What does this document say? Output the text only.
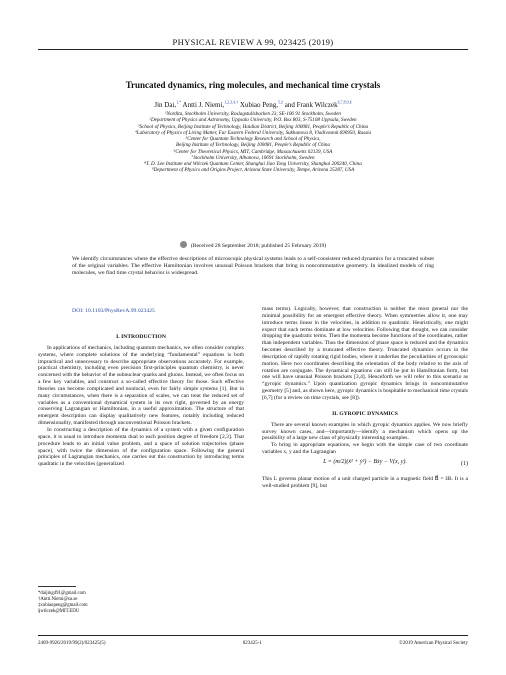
PHYSICAL REVIEW A 99, 023425 (2019)
Truncated dynamics, ring molecules, and mechanical time crystals
Jin Dai,$^{1,*}$ Antti J. Niemi,$^{1,2,3,4,\dagger}$ Xubiao Peng,$^{5,\ddagger}$ and Frank Wilczek$^{6,7,8,9,\S}$
¹Nordita, Stockholm University, Roslagstullsbacken 23, SE-106 91 Stockholm, Sweden
²Department of Physics and Astronomy, Uppsala University, P.O. Box 803, S-75108 Uppsala, Sweden
³School of Physics, Beijing Institute of Technology, Haidian District, Beijing 100081, People’s Republic of China
⁴Laboratory of Physics of Living Matter, Far Eastern Federal University, Sukhanova 8, Vladivostok 690950, Russia
⁵Center for Quantum Technology Research and School of Physics,
Beijing Institute of Technology, Beijing 100081, People’s Republic of China
⁶Center for Theoretical Physics, MIT, Cambridge, Massachusetts 02139, USA
⁷Stockholm University, Albanova, 10691 Stockholm, Sweden
⁸T. D. Lee Institute and Wilczek Quantum Center, Shanghai Jiao Tong University, Shanghai 200240, China
⁹Department of Physics and Origins Project, Arizona State University, Tempe, Arizona 25287, USA
(Received 28 September 2018; published 25 February 2019)
We identify circumstances where the effective descriptions of microscopic physical systems leads to a self-consistent reduced dynamics for a truncated subset of the original variables. The effective Hamiltonian involves unusual Poisson brackets that bring in noncommutative geometry. In idealized models of ring molecules, we find time crystal behavior is widespread.
DOI: 10.1103/PhysRevA.99.023425
I. INTRODUCTION

In applications of mechanics, including quantum mechanics, we often consider complex systems, where complete solutions of the underlying “fundamental” equations is both impractical and unnecessary to describe appropriate observations accurately. For example, practical chemistry, including even precision first-principles quantum chemistry, is never concerned with the behavior of the subnuclear quarks and gluons. Instead, we often focus on a few key variables, and construct a so-called effective theory for those. Such effective theories can become complicated and nonlocal, even for fairly simple systems [1]. But in many circumstances, when there is a separation of scales, we can treat the reduced set of variables as a conventional dynamical system in its own right, governed by an energy conserving Lagrangian or Hamiltonian, in a useful approximation. The structure of that emergent description can display qualitatively new features, notably including reduced dimensionality, manifested through unconventional Poisson brackets.

In constructing a description of the dynamics of a system with a given configuration space, it is usual to introduce momenta dual to each position degree of freedom [2,3]. That procedure leads to an initial value problem, and a space of solution trajectories (phase space), with twice the dimension of the configuration space. Following the general principles of Lagrangian mechanics, one carries out this construction by introducing terms quadratic in the velocities (generalized

mass terms). Logically, however, that construction is neither the most general nor the minimal possibility for an emergent effective theory. When symmetries allow it, one may introduce terms linear in the velocities, in addition to quadratic. Heuristically, one might expect that such terms dominate at low velocities. Following that thought, we can consider dropping the quadratic terms. Then the momenta become functions of the coordinates, rather than independent variables. Thus the dimension of phase space is reduced and the dynamics becomes described by a truncated effective theory. Truncated dynamics occurs in the description of rapidly rotating rigid bodies, where it underlies the peculiarities of gyroscopic motion. Here two coordinates describing the orientation of the body relative to the axis of rotation are conjugate. The dynamical equations can still be put in Hamiltonian form, but one will have unusual Poisson brackets [3,4]. Henceforth we will refer to this scenario as “gyropic dynamics.” Upon quantization gyropic dynamics brings in noncommutative geometry [5] and, as shown here, gyropic dynamics is hospitable to mechanical time crystals [6,7] (for a review on time crystals, see [8]).

II. GYROPIC DYNAMICS

There are several known examples in which gyropic dynamics applies. We now briefly survey known cases, and—importantly—identify a mechanism which opens up the possibility of a large new class of physically interesting examples.

To bring in appropriate equations, we begin with the simple case of two coordinate variables x, y and the Lagrangian

L = (m/2)(ẋ² + ẏ²) − Bẋy − V(x, y).	(1)

This L governs planar motion of a unit charged particle in a magnetic field B⃗ = ẑB. It is a well-studied problem [9], but

*daijing491@gmail.com
†Antti.Niemi@su.se
‡xubiaopeng@gmail.com
§wilczek@MIT.EDU
2469-9926/2019/99(2)/023425(5)	023425-1	©2019 American Physical Society
